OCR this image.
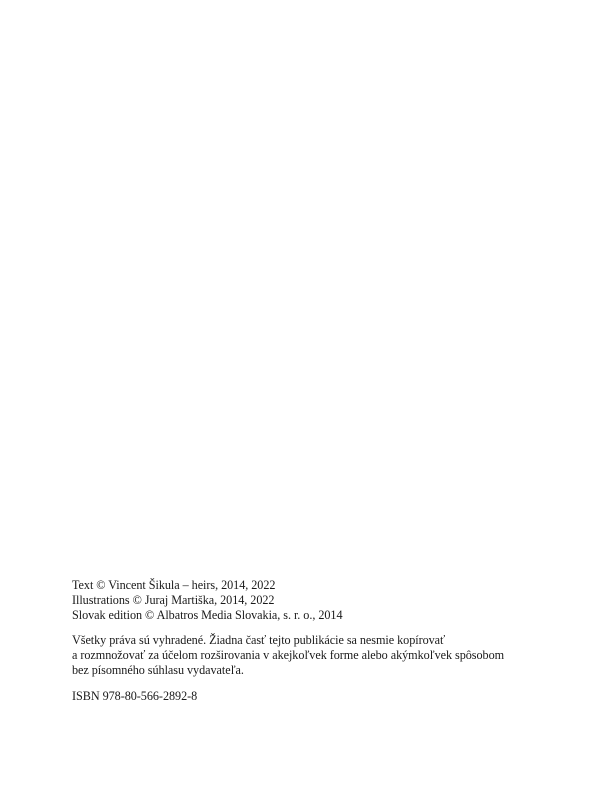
Text © Vincent Šikula – heirs, 2014, 2022
Illustrations © Juraj Martiška, 2014, 2022
Slovak edition © Albatros Media Slovakia, s. r. o., 2014

Všetky práva sú vyhradené. Žiadna časť tejto publikácie sa nesmie kopírovať
a rozmnožovať za účelom rozširovania v akejkoľvek forme alebo akýmkoľvek spôsobom
bez písomného súhlasu vydavateľa.

ISBN 978-80-566-2892-8
